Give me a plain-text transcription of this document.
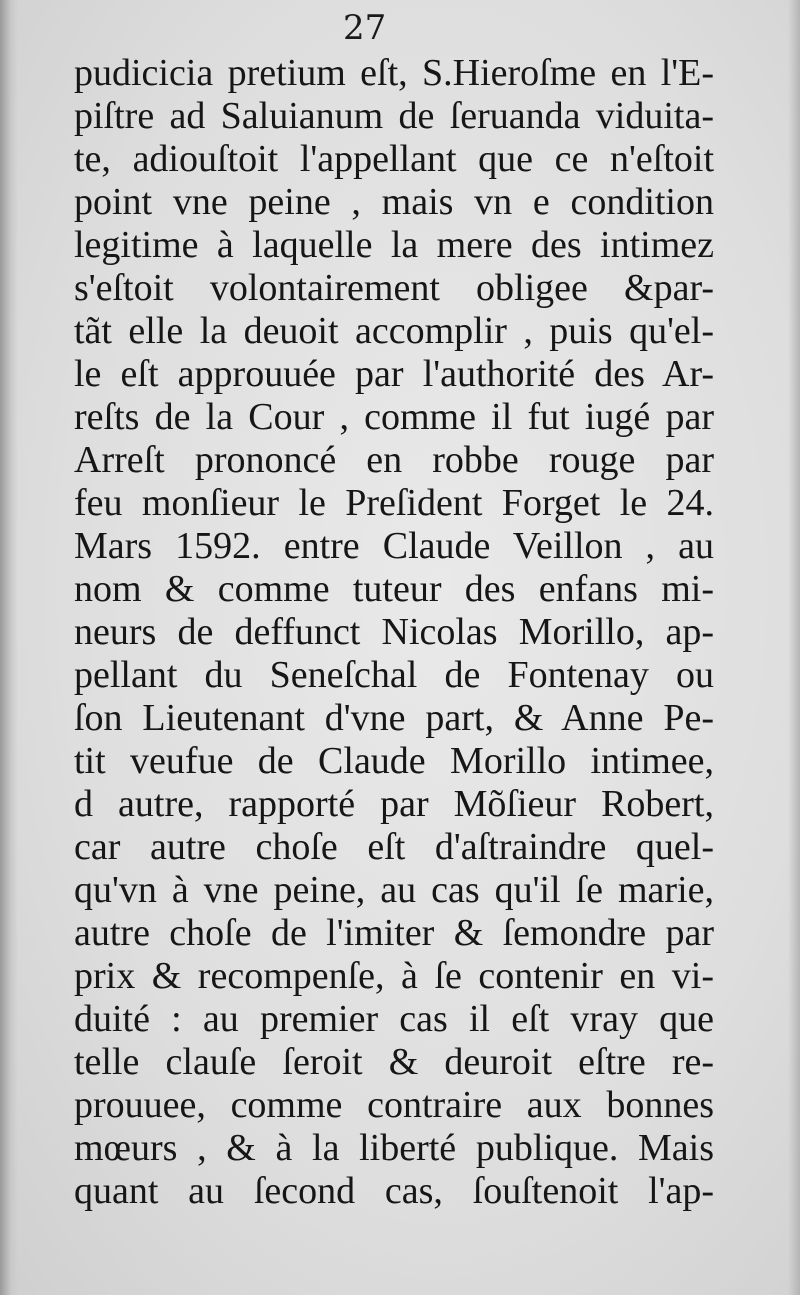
27
pudicicia pretium eſt, S.Hieroſme en l'E-
piſtre ad Saluianum de ſeruanda viduita-
te, adiouſtoit l'appellant que ce n'eſtoit
point vne peine , mais vn e condition
legitime à laquelle la mere des intimez
s'eſtoit volontairement obligee &par-
tãt elle la deuoit accomplir , puis qu'el-
le eſt approuuée par l'authorité des Ar-
reſts de la Cour , comme il fut iugé par
Arreſt prononcé en robbe rouge par
feu monſieur le Preſident Forget le 24.
Mars 1592. entre Claude Veillon , au
nom & comme tuteur des enfans mi-
neurs de deffunct Nicolas Morillo, ap-
pellant du Seneſchal de Fontenay ou
ſon Lieutenant d'vne part, & Anne Pe-
tit veufue de Claude Morillo intimee,
d autre, rapporté par Mõſieur Robert,
car autre choſe eſt d'aſtraindre quel-
qu'vn à vne peine, au cas qu'il ſe marie,
autre choſe de l'imiter & ſemondre par
prix & recompenſe, à ſe contenir en vi-
duité : au premier cas il eſt vray que
telle clauſe ſeroit & deuroit eſtre re-
prouuee, comme contraire aux bonnes
mœurs , & à la liberté publique. Mais
quant au ſecond cas, ſouſtenoit l'ap-
